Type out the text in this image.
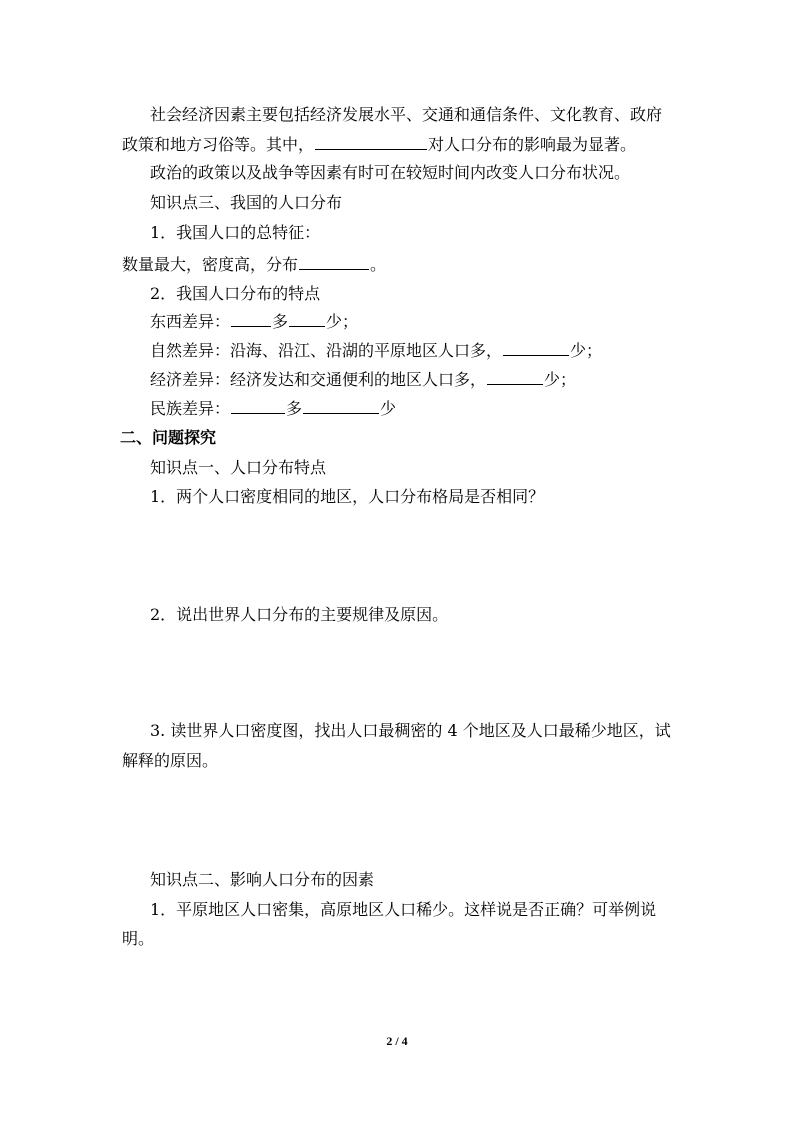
社会经济因素主要包括经济发展水平、交通和通信条件、文化教育、政府
政策和地方习俗等。其中，	对人口分布的影响最为显著。
政治的政策以及战争等因素有时可在较短时间内改变人口分布状况。
知识点三、我国的人口分布
1．我国人口的总特征：
数量最大，密度高，分布	。
2．我国人口分布的特点
东西差异：	多 少；
自然差异：沿海、沿江、沿湖的平原地区人口多，	少；
经济差异：经济发达和交通便利的地区人口多，	少；
民族差异：	多	少
二、问题探究
知识点一、人口分布特点
1．两个人口密度相同的地区，人口分布格局是否相同？
2．说出世界人口分布的主要规律及原因。
3. 读世界人口密度图，找出人口最稠密的 4 个地区及人口最稀少地区，试
解释的原因。
知识点二、影响人口分布的因素
1．平原地区人口密集，高原地区人口稀少。这样说是否正确？可举例说
明。
2 / 4
